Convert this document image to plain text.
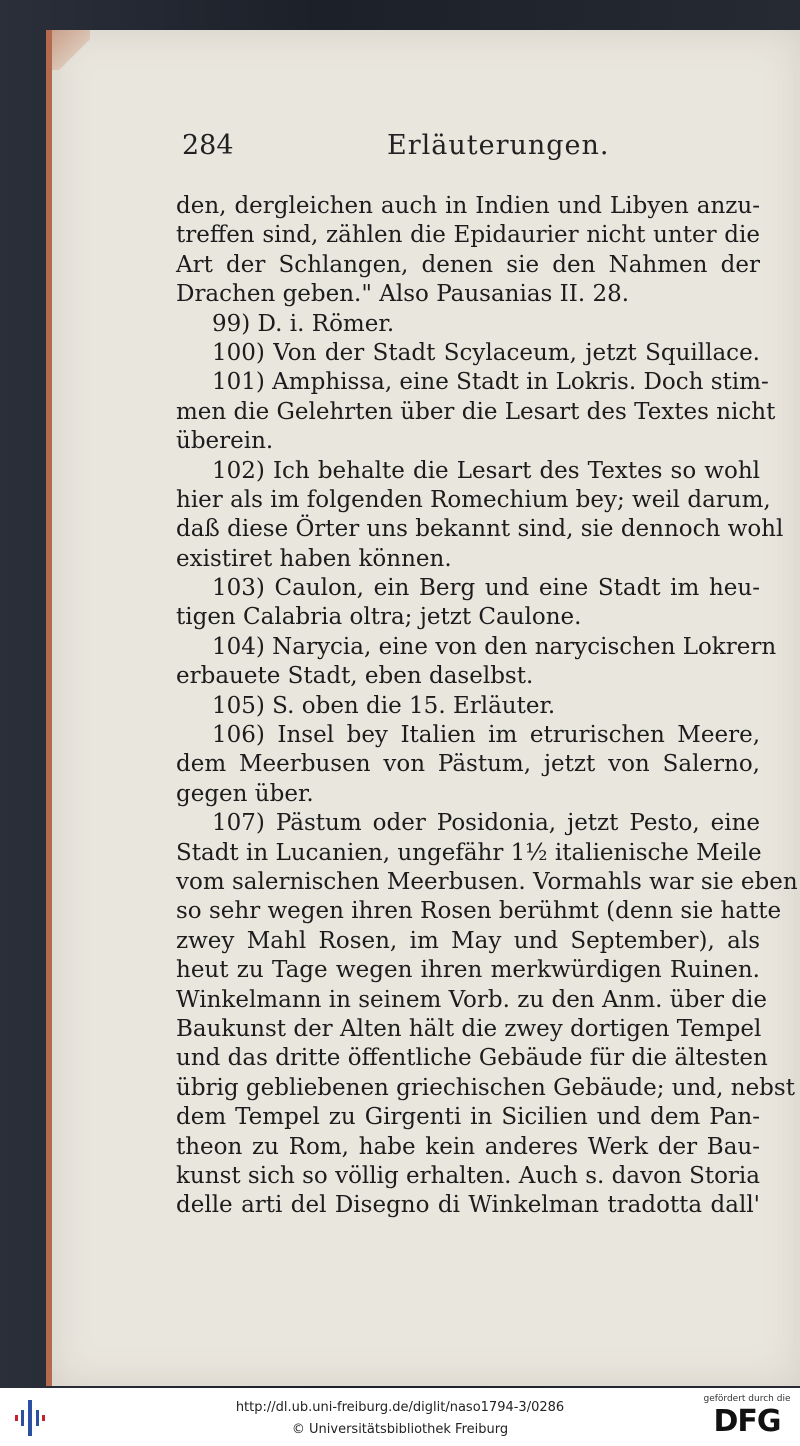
284	Erläuterungen.
den, dergleichen auch in Indien und Libyen anzu-
treffen sind, zählen die Epidaurier nicht unter die
Art der Schlangen, denen sie den Nahmen der
Drachen geben." Also Pausanias II. 28.
99) D. i. Römer.
100) Von der Stadt Scylaceum, jetzt Squillace.
101) Amphissa, eine Stadt in Lokris. Doch stim-
men die Gelehrten über die Lesart des Textes nicht
überein.
102) Ich behalte die Lesart des Textes so wohl
hier als im folgenden Romechium bey; weil darum,
daß diese Örter uns bekannt sind, sie dennoch wohl
existiret haben können.
103) Caulon, ein Berg und eine Stadt im heu-
tigen Calabria oltra; jetzt Caulone.
104) Narycia, eine von den narycischen Lokrern
erbauete Stadt, eben daselbst.
105) S. oben die 15. Erläuter.
106) Insel bey Italien im etrurischen Meere,
dem Meerbusen von Pästum, jetzt von Salerno,
gegen über.
107) Pästum oder Posidonia, jetzt Pesto, eine
Stadt in Lucanien, ungefähr 1½ italienische Meile
vom salernischen Meerbusen. Vormahls war sie eben
so sehr wegen ihren Rosen berühmt (denn sie hatte
zwey Mahl Rosen, im May und September), als
heut zu Tage wegen ihren merkwürdigen Ruinen.
Winkelmann in seinem Vorb. zu den Anm. über die
Baukunst der Alten hält die zwey dortigen Tempel
und das dritte öffentliche Gebäude für die ältesten
übrig gebliebenen griechischen Gebäude; und, nebst
dem Tempel zu Girgenti in Sicilien und dem Pan-
theon zu Rom, habe kein anderes Werk der Bau-
kunst sich so völlig erhalten. Auch s. davon Storia
delle arti del Disegno di Winkelman tradotta dall'
http://dl.ub.uni-freiburg.de/diglit/naso1794-3/0286
© Universitätsbibliothek Freiburg
gefördert durch die
DFG
